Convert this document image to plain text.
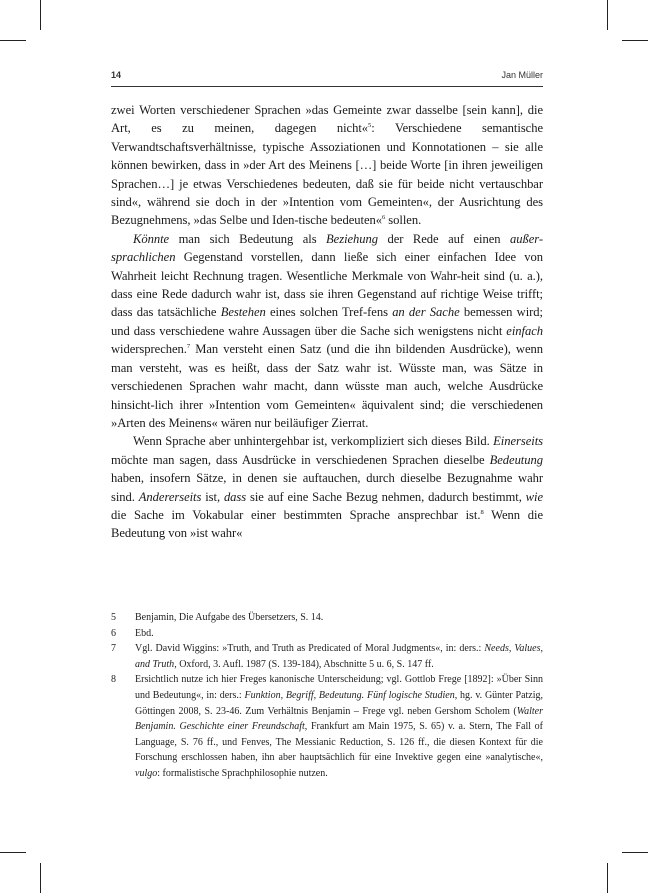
14	Jan Müller

zwei Worten verschiedener Sprachen »das Gemeinte zwar dasselbe [sein kann], die Art, es zu meinen, dagegen nicht«$^5$: Verschiedene semantische Verwandtschaftsverhältnisse, typische Assoziationen und Konnotationen – sie alle können bewirken, dass in »der Art des Meinens […] beide Worte [in ihren jeweiligen Sprachen…] je etwas Verschiedenes bedeuten, daß sie für beide nicht vertauschbar sind«, während sie doch in der »Intention vom Gemeinten«, der Ausrichtung des Bezugnehmens, »das Selbe und Iden-tische bedeuten«$^6$ sollen.

Könnte man sich Bedeutung als Beziehung der Rede auf einen außer-sprachlichen Gegenstand vorstellen, dann ließe sich einer einfachen Idee von Wahrheit leicht Rechnung tragen. Wesentliche Merkmale von Wahr-heit sind (u. a.), dass eine Rede dadurch wahr ist, dass sie ihren Gegenstand auf richtige Weise trifft; dass das tatsächliche Bestehen eines solchen Tref-fens an der Sache bemessen wird; und dass verschiedene wahre Aussagen über die Sache sich wenigstens nicht einfach widersprechen.$^7$ Man versteht einen Satz (und die ihn bildenden Ausdrücke), wenn man versteht, was es heißt, dass der Satz wahr ist. Wüsste man, was Sätze in verschiedenen Sprachen wahr macht, dann wüsste man auch, welche Ausdrücke hinsicht-lich ihrer »Intention vom Gemeinten« äquivalent sind; die verschiedenen »Arten des Meinens« wären nur beiläufiger Zierrat.

Wenn Sprache aber unhintergehbar ist, verkompliziert sich dieses Bild. Einerseits möchte man sagen, dass Ausdrücke in verschiedenen Sprachen dieselbe Bedeutung haben, insofern Sätze, in denen sie auftauchen, durch dieselbe Bezugnahme wahr sind. Andererseits ist, dass sie auf eine Sache Bezug nehmen, dadurch bestimmt, wie die Sache im Vokabular einer bestimmten Sprache ansprechbar ist.$^8$ Wenn die Bedeutung von »ist wahr«

5 Benjamin, Die Aufgabe des Übersetzers, S. 14.
6 Ebd.
7 Vgl. David Wiggins: »Truth, and Truth as Predicated of Moral Judgments«, in: ders.: Needs, Values, and Truth, Oxford, 3. Aufl. 1987 (S. 139-184), Abschnitte 5 u. 6, S. 147 ff.
8 Ersichtlich nutze ich hier Freges kanonische Unterscheidung; vgl. Gottlob Frege [1892]: »Über Sinn und Bedeutung«, in: ders.: Funktion, Begriff, Bedeutung. Fünf logische Studien, hg. v. Günter Patzig, Göttingen 2008, S. 23-46. Zum Verhältnis Benjamin – Frege vgl. neben Gershom Scholem (Walter Benjamin. Geschichte einer Freundschaft, Frankfurt am Main 1975, S. 65) v. a. Stern, The Fall of Language, S. 76 ff., und Fenves, The Messianic Reduction, S. 126 ff., die diesen Kontext für die Forschung erschlossen haben, ihn aber hauptsächlich für eine Invektive gegen eine »analytische«, vulgo: formalistische Sprachphilosophie nutzen.
